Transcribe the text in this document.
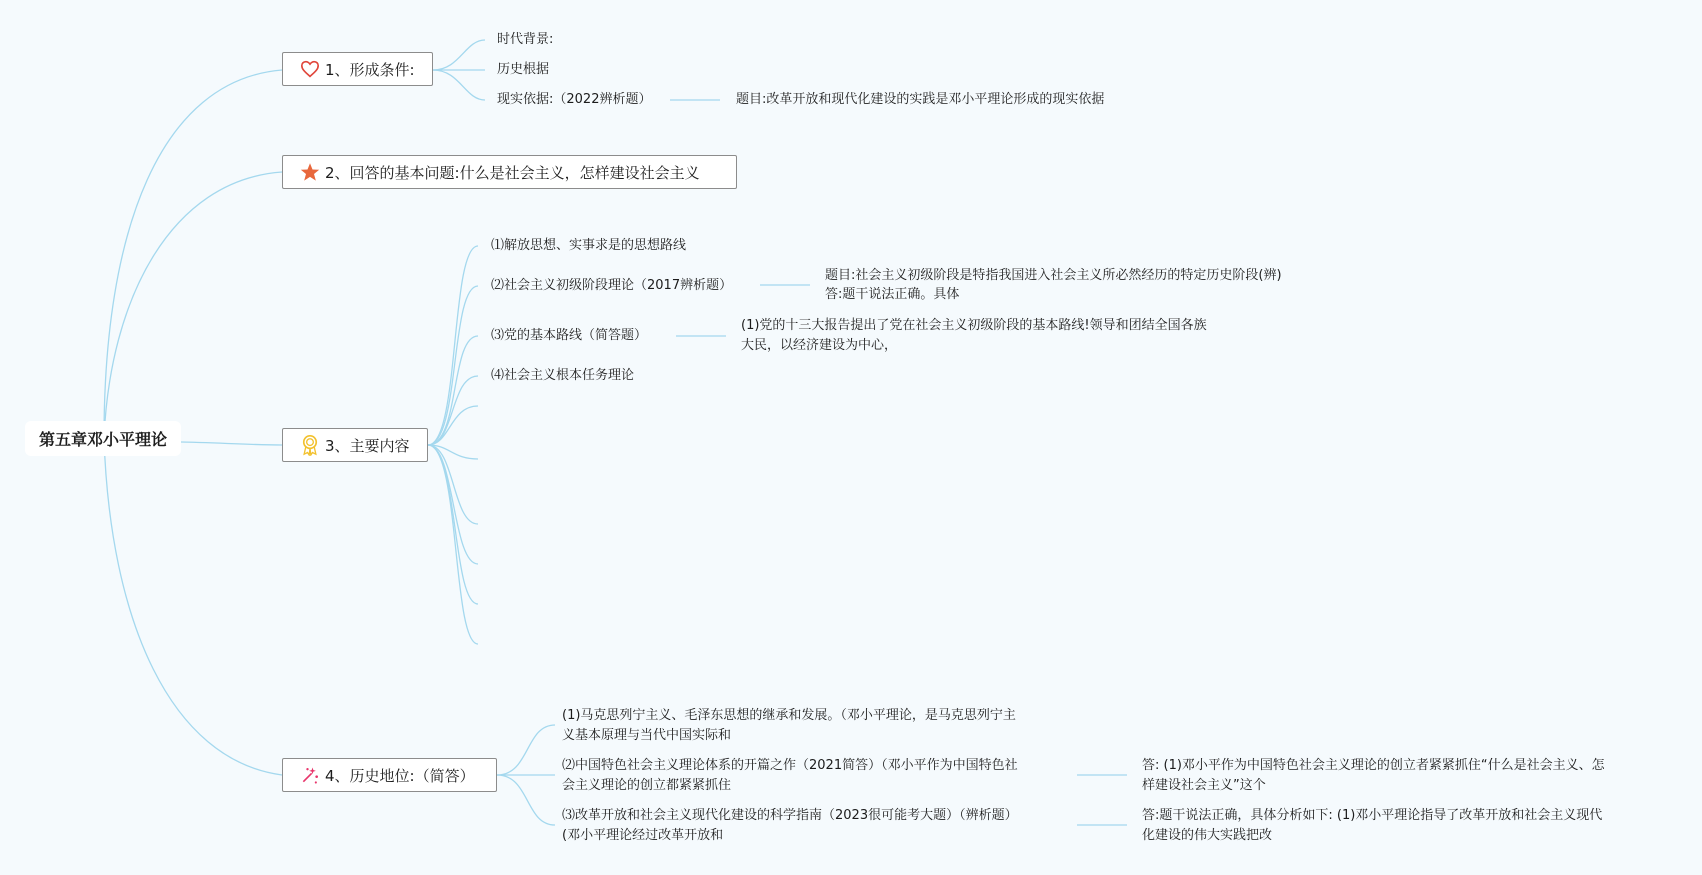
第五章邓小平理论
1、形成条件:
时代背景:
历史根据
现实依据:（2022辨析题）	题目:改革开放和现代化建设的实践是邓小平理论形成的现实依据
2、回答的基本问题:什么是社会主义，怎样建设社会主义
3、主要内容
⑴解放思想、实事求是的思想路线
⑵社会主义初级阶段理论（2017辨析题）
题目:社会主义初级阶段是特指我国进入社会主义所必然经历的特定历史阶段(辨)
答:题干说法正确。具体
⑶党的基本路线（简答题）
(1)党的十三大报告提出了党在社会主义初级阶段的基本路线!领导和团结全国各族
大民，以经济建设为中心，
⑷社会主义根本任务理论
4、历史地位:（简答）
(1)马克思列宁主义、毛泽东思想的继承和发展。（邓小平理论，是马克思列宁主
义基本原理与当代中国实际和
⑵中国特色社会主义理论体系的开篇之作（2021简答）（邓小平作为中国特色社
会主义理论的创立都紧紧抓住
⑶改革开放和社会主义现代化建设的科学指南（2023很可能考大题）（辨析题）
(邓小平理论经过改革开放和
答: (1)邓小平作为中国特色社会主义理论的创立者紧紧抓住“什么是社会主义、怎
样建设社会主义”这个
答:题干说法正确，具体分析如下: (1)邓小平理论指导了改革开放和社会主义现代
化建设的伟大实践把改
